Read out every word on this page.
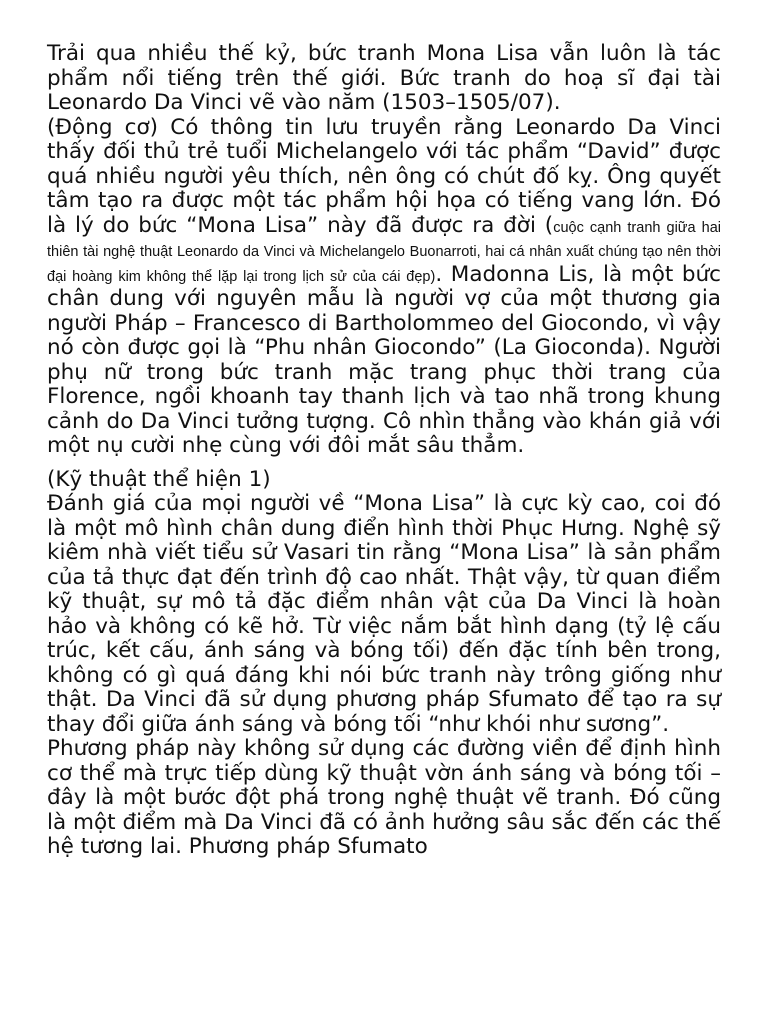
Trải qua nhiều thế kỷ, bức tranh Mona Lisa vẫn luôn là tác phẩm nổi tiếng trên thế giới. Bức tranh do hoạ sĩ đại tài Leonardo Da Vinci vẽ vào năm (1503–1505/07).

(Động cơ) Có thông tin lưu truyền rằng Leonardo Da Vinci thấy đối thủ trẻ tuổi Michelangelo với tác phẩm “David” được quá nhiều người yêu thích, nên ông có chút đố kỵ. Ông quyết tâm tạo ra được một tác phẩm hội họa có tiếng vang lớn. Đó là lý do bức “Mona Lisa” này đã được ra đời (cuộc cạnh tranh giữa hai thiên tài nghệ thuật Leonardo da Vinci và Michelangelo Buonarroti, hai cá nhân xuất chúng tạo nên thời đại hoàng kim không thể lặp lại trong lịch sử của cái đẹp). Madonna Lis, là một bức chân dung với nguyên mẫu là người vợ của một thương gia người Pháp – Francesco di Bartholommeo del Giocondo, vì vậy nó còn được gọi là “Phu nhân Giocondo” (La Gioconda). Người phụ nữ trong bức tranh mặc trang phục thời trang của Florence, ngồi khoanh tay thanh lịch và tao nhã trong khung cảnh do Da Vinci tưởng tượng. Cô nhìn thẳng vào khán giả với một nụ cười nhẹ cùng với đôi mắt sâu thẳm.

(Kỹ thuật thể hiện 1)

Đánh giá của mọi người về “Mona Lisa” là cực kỳ cao, coi đó là một mô hình chân dung điển hình thời Phục Hưng. Nghệ sỹ kiêm nhà viết tiểu sử Vasari tin rằng “Mona Lisa” là sản phẩm của tả thực đạt đến trình độ cao nhất. Thật vậy, từ quan điểm kỹ thuật, sự mô tả đặc điểm nhân vật của Da Vinci là hoàn hảo và không có kẽ hở. Từ việc nắm bắt hình dạng (tỷ lệ cấu trúc, kết cấu, ánh sáng và bóng tối) đến đặc tính bên trong, không có gì quá đáng khi nói bức tranh này trông giống như thật. Da Vinci đã sử dụng phương pháp Sfumato để tạo ra sự thay đổi giữa ánh sáng và bóng tối “như khói như sương”.

Phương pháp này không sử dụng các đường viền để định hình cơ thể mà trực tiếp dùng kỹ thuật vờn ánh sáng và bóng tối – đây là một bước đột phá trong nghệ thuật vẽ tranh. Đó cũng là một điểm mà Da Vinci đã có ảnh hưởng sâu sắc đến các thế hệ tương lai. Phương pháp Sfumato
